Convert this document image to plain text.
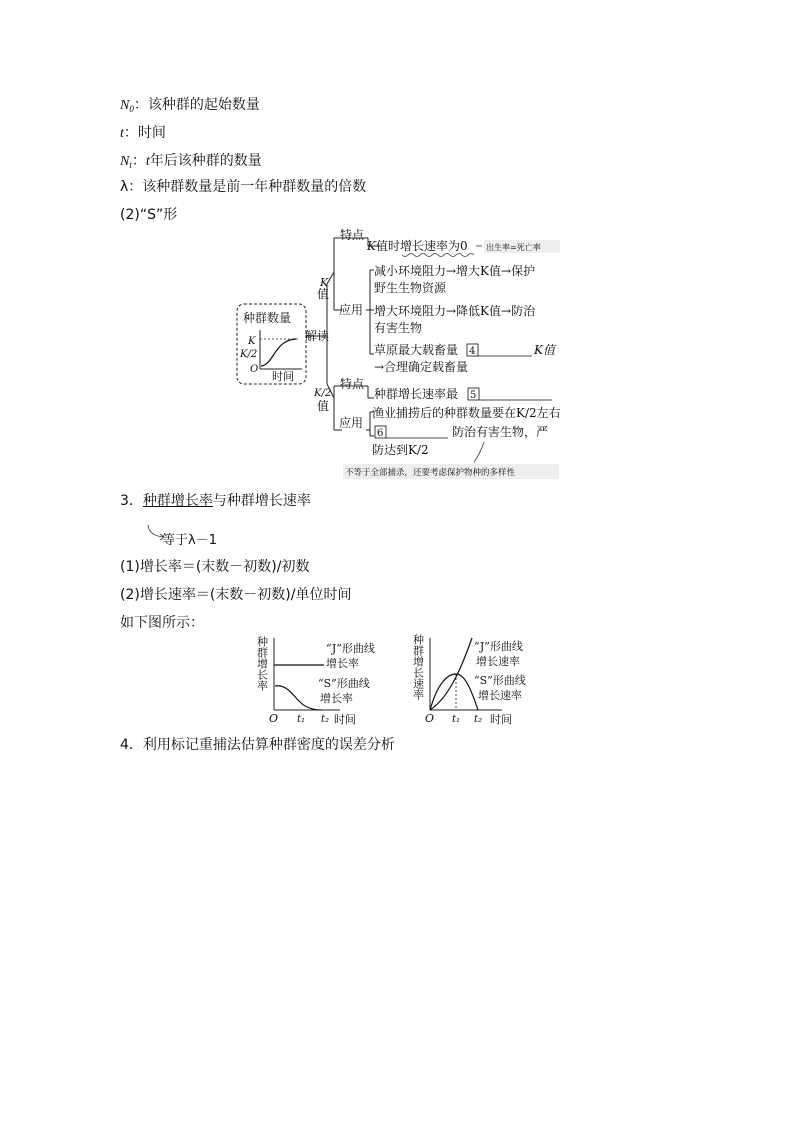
$N_0$：该种群的起始数量
t：时间
$N_t$：t年后该种群的数量
λ：该种群数量是前一年种群数量的倍数
(2)“S”形
种群数量
K
K/2
O
时间
解读
K
值
特点
K 值时增长速率为0 出生率=死亡率
应用
减小环境阻力→增大K值→保护
野生生物资源
增大环境阻力→降低K值→防治
有害生物
草原最大载畜量 4	K值
→合理确定载畜量
K/2
值
特点
种群增长速率最 5
应用
渔业捕捞后的种群数量要在K/2左右
6	防治有害生物，严
防达到K/2
不等于全部捕杀，还要考虑保护物种的多样性
3．种群增长率与种群增长速率
等于λ－1
(1)增长率＝(末数－初数)/初数
(2)增长速率＝(末数－初数)/单位时间
如下图所示：
种群增长率	“J”形曲线
增长率
“S”形曲线
增长率
O t₁ t₂ 时间
种群增长速率	“J”形曲线
增长速率
“S”形曲线
增长速率
O t₁ t₂ 时间
4．利用标记重捕法估算种群密度的误差分析
